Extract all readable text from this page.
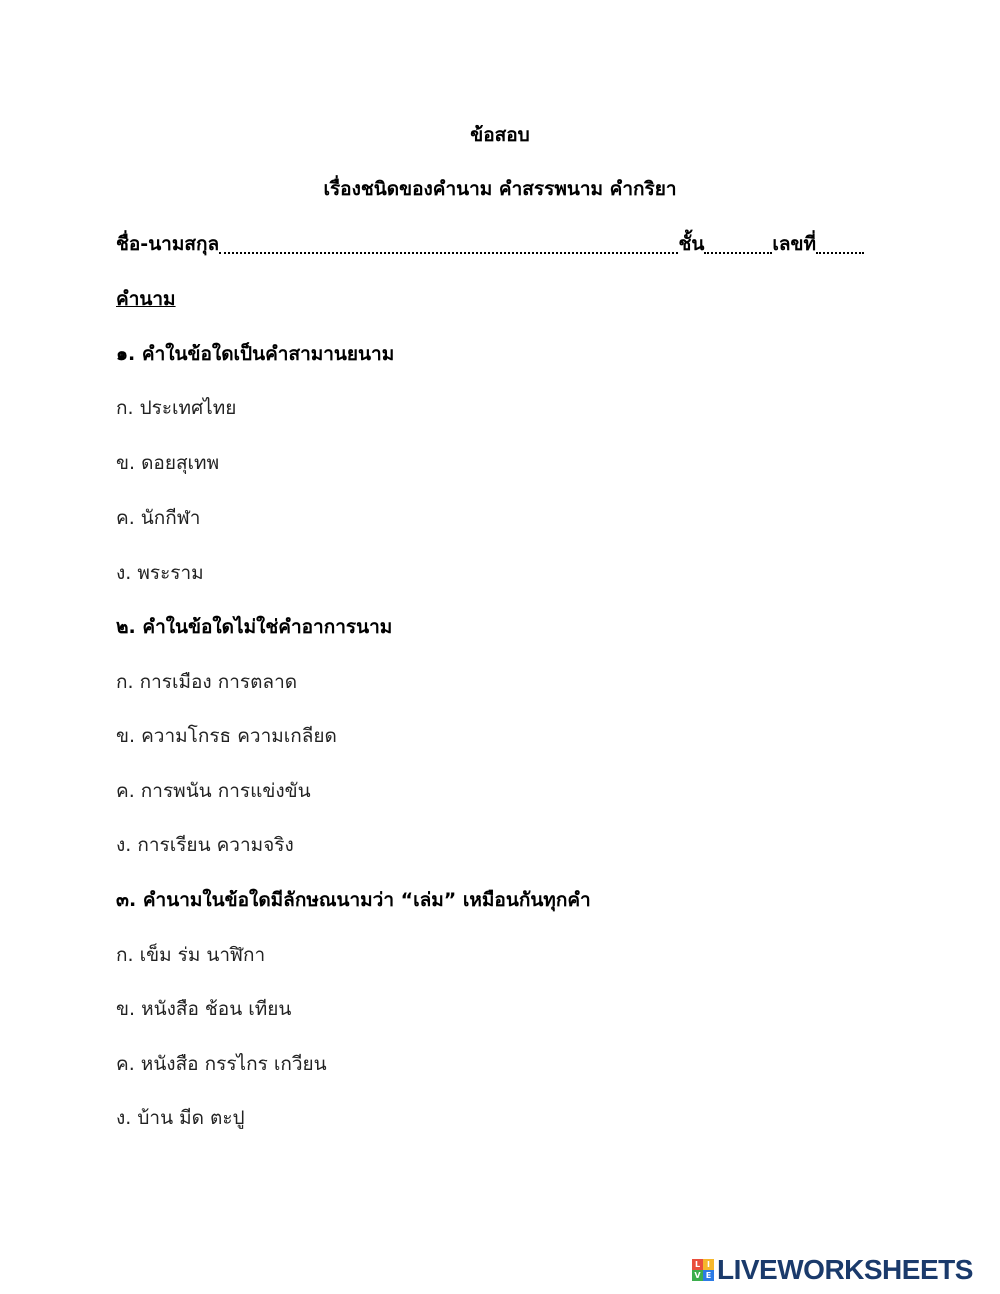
ข้อสอบ
เรื่องชนิดของคำนาม คำสรรพนาม คำกริยา
ชื่อ-นามสกุล	ชั้น	เลขที่
คำนาม
๑. คำในข้อใดเป็นคำสามานยนาม
ก. ประเทศไทย
ข. ดอยสุเทพ
ค. นักกีฬา
ง. พระราม
๒. คำในข้อใดไม่ใช่คำอาการนาม
ก. การเมือง การตลาด
ข. ความโกรธ ความเกลียด
ค. การพนัน การแข่งขัน
ง. การเรียน ความจริง
๓. คำนามในข้อใดมีลักษณนามว่า “เล่ม” เหมือนกันทุกคำ
ก. เข็ม ร่ม นาฬิกา
ข. หนังสือ ช้อน เทียน
ค. หนังสือ กรรไกร เกวียน
ง. บ้าน มีด ตะปู
L I
V E LIVEWORKSHEETS
